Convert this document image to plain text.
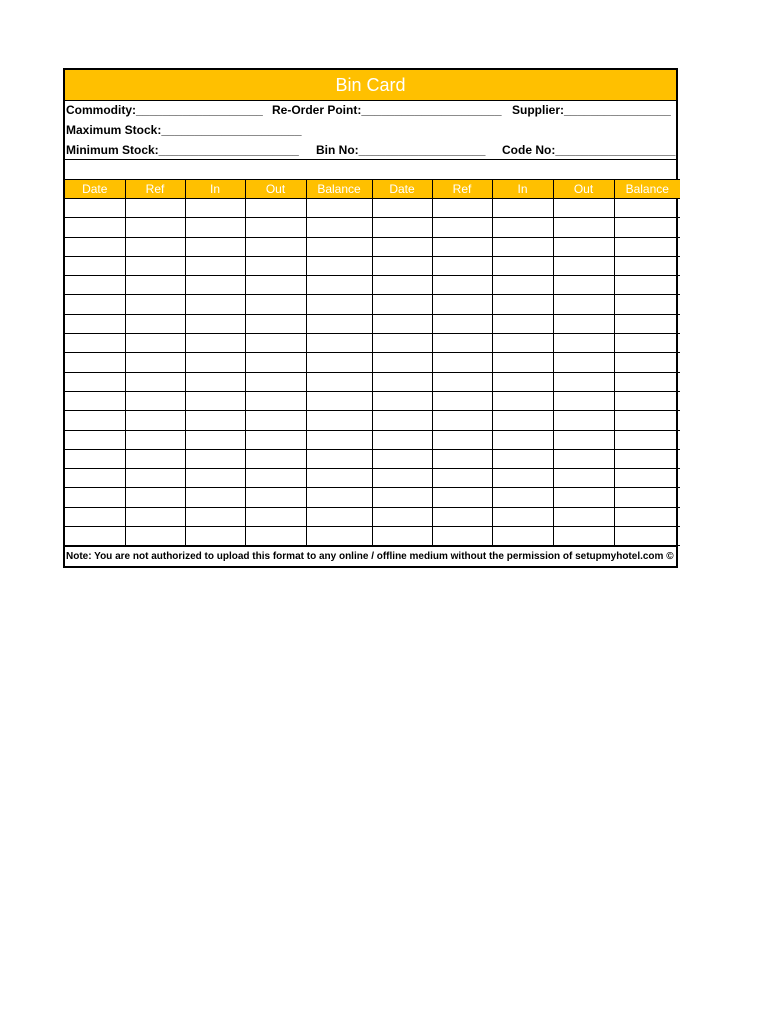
Bin Card
Commodity:___________________ Re-Order Point:_____________________ Supplier:________________
Maximum Stock:_____________________
Minimum Stock:_____________________ Bin No:___________________ Code No:__________________
Date	Ref	In	Out	Balance	Date	Ref	In	Out	Balance

Note: You are not authorized to upload this format to any online / offline medium without the permission of setupmyhotel.com ©
